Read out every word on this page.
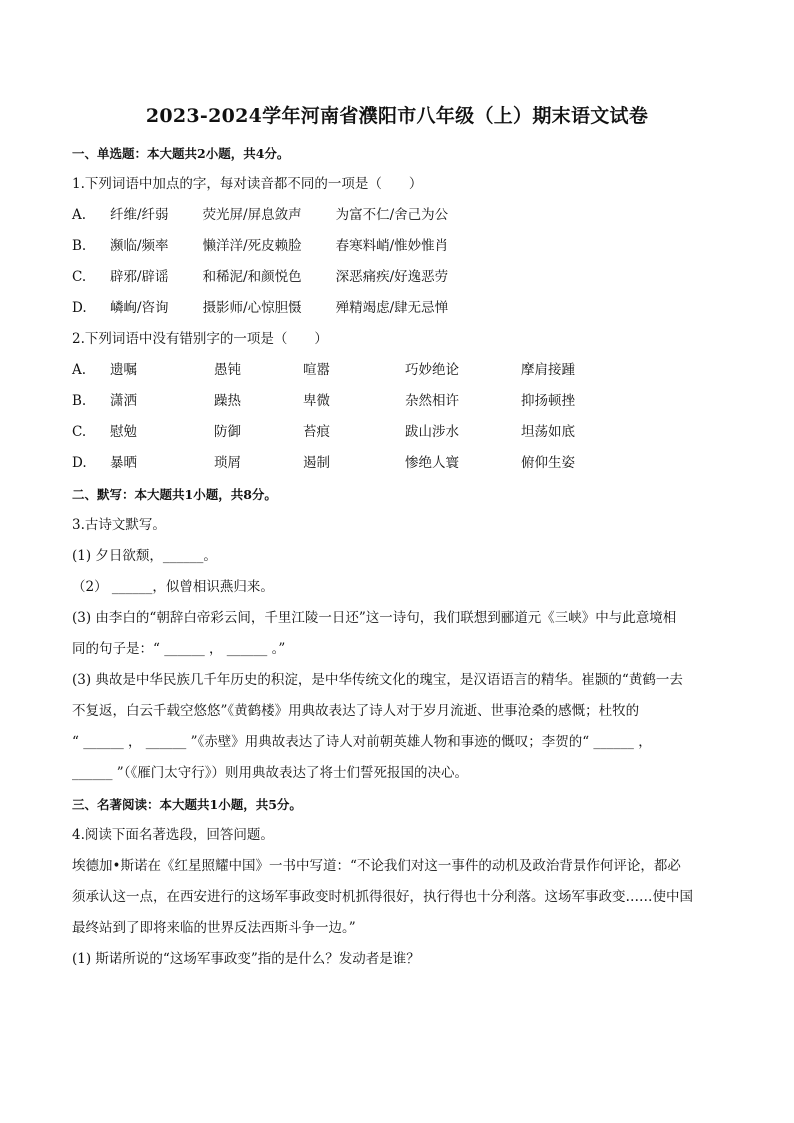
2023-2024学年河南省濮阳市八年级（上）期末语文试卷

一、单选题：本大题共2小题，共4分。

1.下列词语中加点的字，每对读音都不同的一项是（　　）

A.	纤维/纤弱	荧光屏/屏息敛声	为富不仁/舍己为公
B.	濒临/频率	懒洋洋/死皮赖脸	春寒料峭/惟妙惟肖
C.	辟邪/辟谣	和稀泥/和颜悦色	深恶痛疾/好逸恶劳
D.	嶙峋/咨询	摄影师/心惊胆慑	殚精竭虑/肆无忌惮

2.下列词语中没有错别字的一项是（　　）

A.	遗嘱	愚钝	喧嚣	巧妙绝论	摩肩接踵
B.	潇洒	躁热	卑微	杂然相许	抑扬顿挫
C.	慰勉	防御	苔痕	跋山涉水	坦荡如底
D.	暴晒	琐屑	遏制	惨绝人寰	俯仰生姿

二、默写：本大题共1小题，共8分。

3.古诗文默写。

(1) 夕日欲颓，______。

（2） ______，似曾相识燕归来。

(3) 由李白的“朝辞白帝彩云间，千里江陵一日还”这一诗句，我们联想到郦道元《三峡》中与此意境相

同的句子是：“ ______ ， ______ 。”

(3) 典故是中华民族几千年历史的积淀，是中华传统文化的瑰宝，是汉语语言的精华。崔颢的“黄鹤一去

不复返，白云千载空悠悠”《黄鹤楼》用典故表达了诗人对于岁月流逝、世事沧桑的感慨；杜牧的

“ ______ ， ______ ”《赤壁》用典故表达了诗人对前朝英雄人物和事迹的慨叹；李贺的“ ______ ，

______ ”（《雁门太守行》）则用典故表达了将士们誓死报国的决心。

三、名著阅读：本大题共1小题，共5分。

4.阅读下面名著选段，回答问题。

埃德加•斯诺在《红星照耀中国》一书中写道：“不论我们对这一事件的动机及政治背景作何评论，都必

须承认这一点，在西安进行的这场军事政变时机抓得很好，执行得也十分利落。这场军事政变……使中国

最终站到了即将来临的世界反法西斯斗争一边。”

(1) 斯诺所说的“这场军事政变”指的是什么？发动者是谁？
